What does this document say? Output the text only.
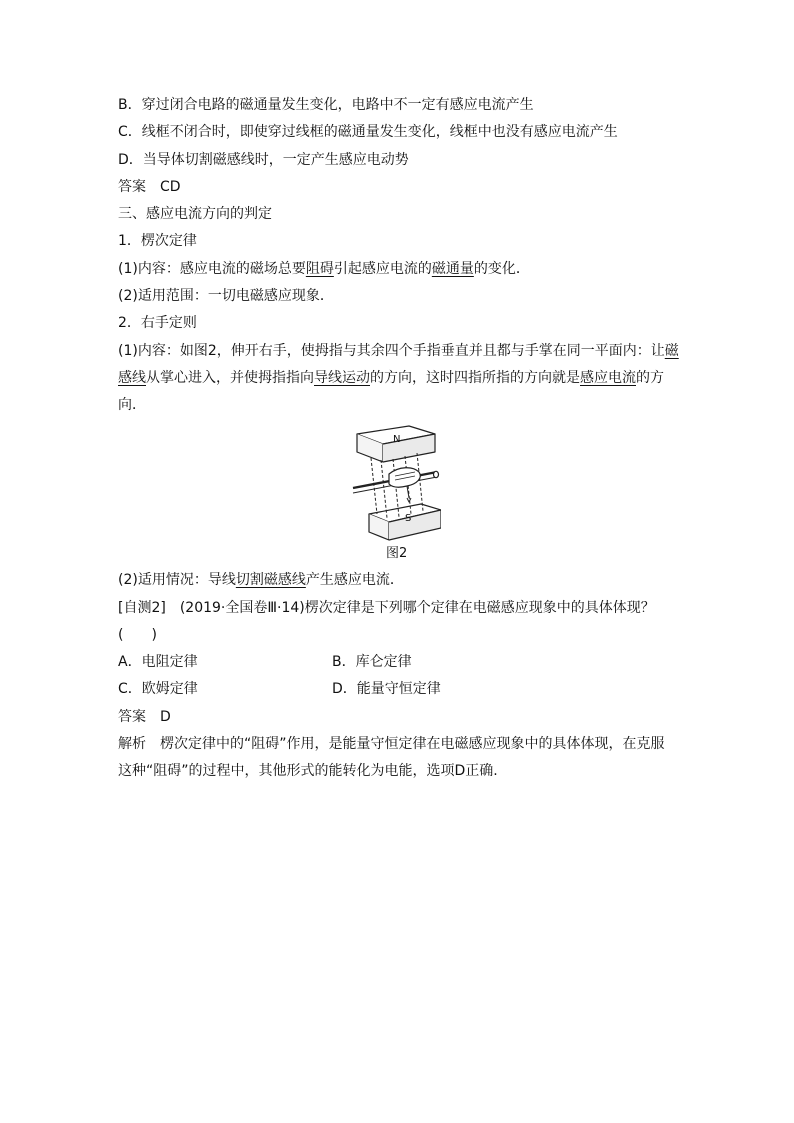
B．穿过闭合电路的磁通量发生变化，电路中不一定有感应电流产生
C．线框不闭合时，即使穿过线框的磁通量发生变化，线框中也没有感应电流产生
D．当导体切割磁感线时，一定产生感应电动势
答案　CD
三、感应电流方向的判定
1．楞次定律
(1)内容：感应电流的磁场总要阻碍引起感应电流的磁通量的变化．
(2)适用范围：一切电磁感应现象．
2．右手定则
(1)内容：如图2，伸开右手，使拇指与其余四个手指垂直并且都与手掌在同一平面内：让磁
感线从掌心进入，并使拇指指向导线运动的方向，这时四指所指的方向就是感应电流的方
向．
N
S
图2
(2)适用情况：导线切割磁感线产生感应电流．
[自测2]　(2019·全国卷Ⅲ·14)楞次定律是下列哪个定律在电磁感应现象中的具体体现？
(　　)
A．电阻定律	B．库仑定律
C．欧姆定律	D．能量守恒定律
答案　D
解析　楞次定律中的“阻碍”作用，是能量守恒定律在电磁感应现象中的具体体现，在克服
这种“阻碍”的过程中，其他形式的能转化为电能，选项D正确.
